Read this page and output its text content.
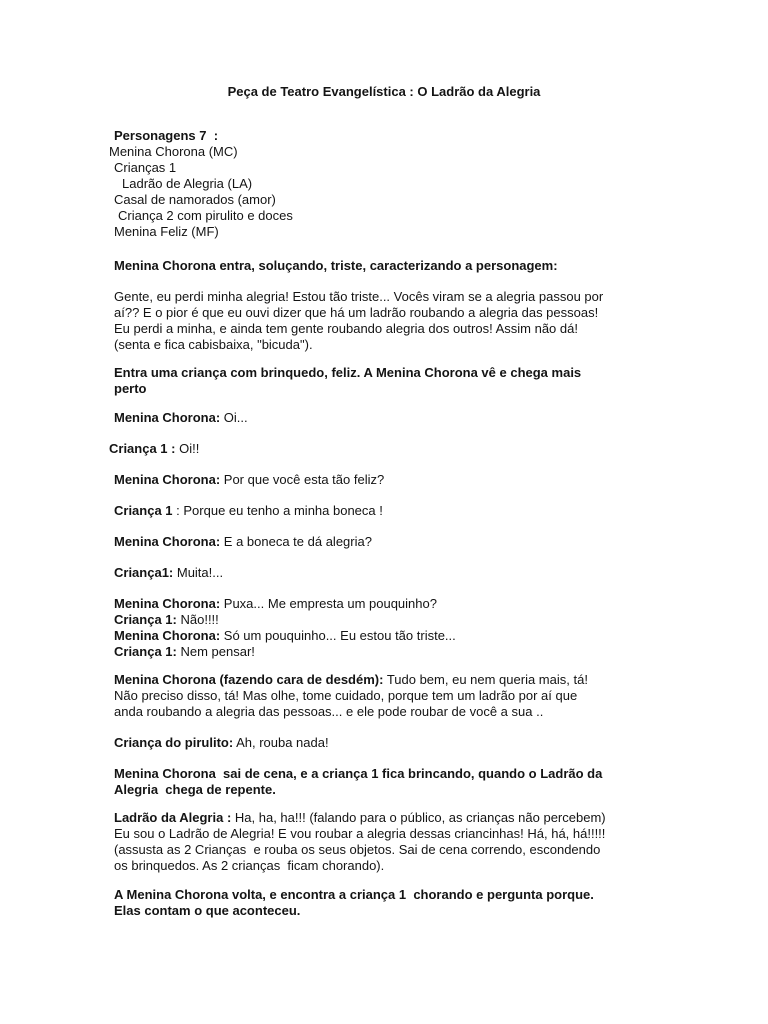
Peça de Teatro Evangelística : O Ladrão da Alegria
Personagens 7  :
Menina Chorona (MC)
Crianças 1
Ladrão de Alegria (LA)
Casal de namorados (amor)
Criança 2 com pirulito e doces
Menina Feliz (MF)
Menina Chorona entra, soluçando, triste, caracterizando a personagem:
Gente, eu perdi minha alegria! Estou tão triste... Vocês viram se a alegria passou por
aí?? E o pior é que eu ouvi dizer que há um ladrão roubando a alegria das pessoas!
Eu perdi a minha, e ainda tem gente roubando alegria dos outros! Assim não dá!
(senta e fica cabisbaixa, "bicuda").
Entra uma criança com brinquedo, feliz. A Menina Chorona vê e chega mais
perto
Menina Chorona: Oi...
Criança 1 : Oi!!
Menina Chorona: Por que você esta tão feliz?
Criança 1 : Porque eu tenho a minha boneca !
Menina Chorona: E a boneca te dá alegria?
Criança1: Muita!...
Menina Chorona: Puxa... Me empresta um pouquinho?
Criança 1: Não!!!!
Menina Chorona: Só um pouquinho... Eu estou tão triste...
Criança 1: Nem pensar!
Menina Chorona (fazendo cara de desdém): Tudo bem, eu nem queria mais, tá!
Não preciso disso, tá! Mas olhe, tome cuidado, porque tem um ladrão por aí que
anda roubando a alegria das pessoas... e ele pode roubar de você a sua ..
Criança do pirulito: Ah, rouba nada!
Menina Chorona  sai de cena, e a criança 1 fica brincando, quando o Ladrão da
Alegria  chega de repente.
Ladrão da Alegria : Ha, ha, ha!!! (falando para o público, as crianças não percebem)
Eu sou o Ladrão de Alegria! E vou roubar a alegria dessas criancinhas! Há, há, há!!!!!
(assusta as 2 Crianças  e rouba os seus objetos. Sai de cena correndo, escondendo
os brinquedos. As 2 crianças  ficam chorando).
A Menina Chorona volta, e encontra a criança 1  chorando e pergunta porque.
Elas contam o que aconteceu.
